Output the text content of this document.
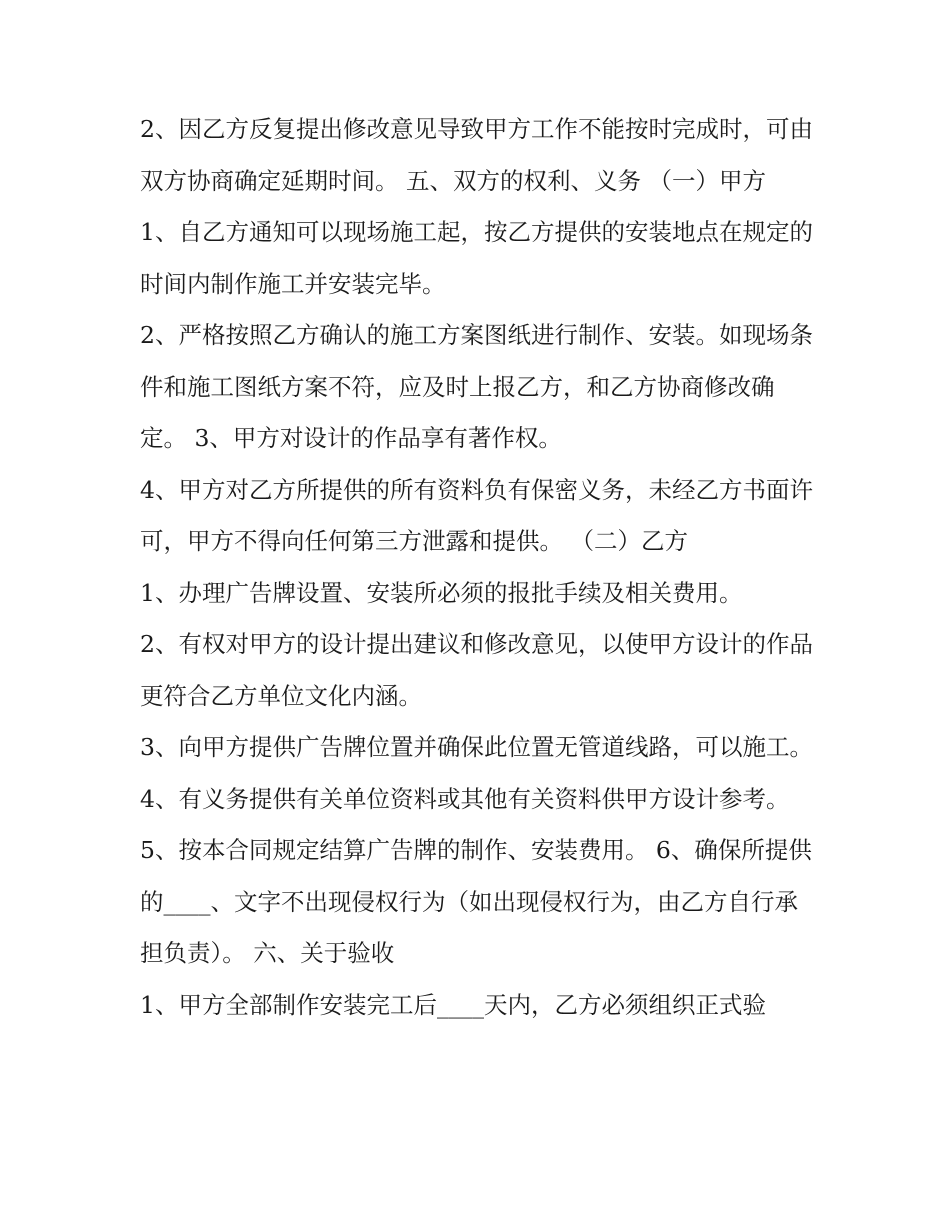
2、因乙方反复提出修改意见导致甲方工作不能按时完成时，可由双方协商确定延期时间。 五、双方的权利、义务 （一）甲方

1、自乙方通知可以现场施工起，按乙方提供的安装地点在规定的时间内制作施工并安装完毕。

2、严格按照乙方确认的施工方案图纸进行制作、安装。如现场条件和施工图纸方案不符，应及时上报乙方，和乙方协商修改确定。 3、甲方对设计的作品享有著作权。

4、甲方对乙方所提供的所有资料负有保密义务，未经乙方书面许可，甲方不得向任何第三方泄露和提供。 （二）乙方

1、办理广告牌设置、安装所必须的报批手续及相关费用。

2、有权对甲方的设计提出建议和修改意见，以使甲方设计的作品更符合乙方单位文化内涵。

3、向甲方提供广告牌位置并确保此位置无管道线路，可以施工。 4、有义务提供有关单位资料或其他有关资料供甲方设计参考。

5、按本合同规定结算广告牌的制作、安装费用。 6、确保所提供的____、文字不出现侵权行为（如出现侵权行为，由乙方自行承担负责）。 六、关于验收

1、甲方全部制作安装完工后____天内，乙方必须组织正式验
